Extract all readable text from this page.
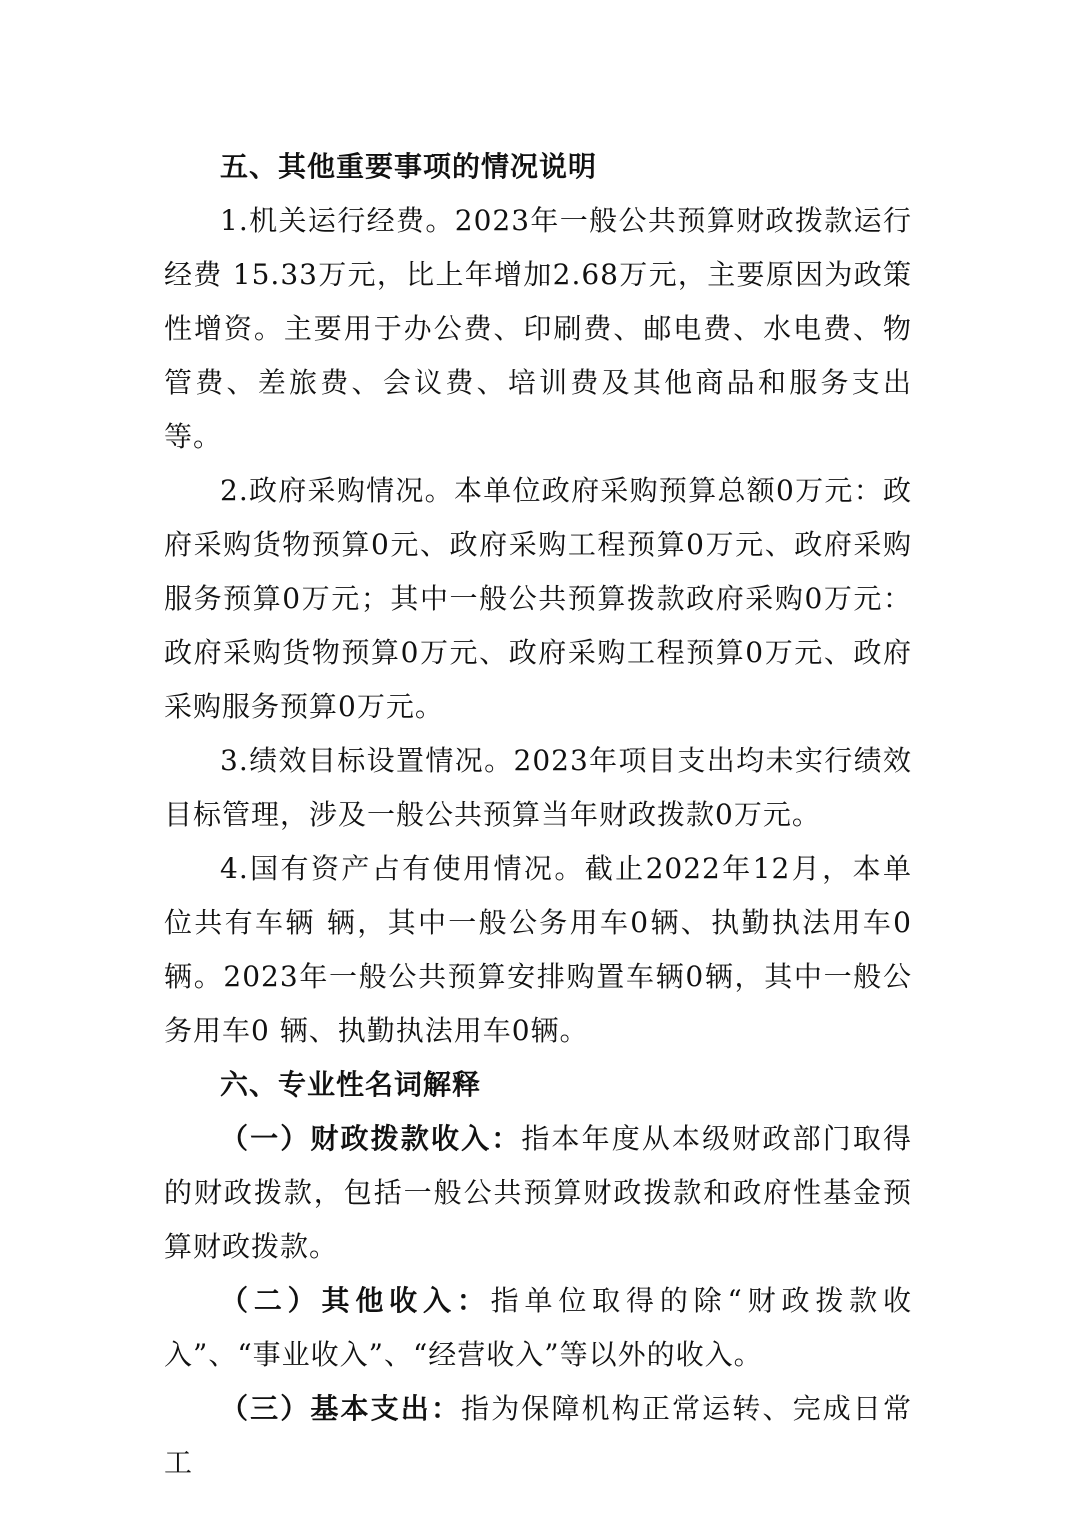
五、其他重要事项的情况说明

1.机关运行经费。2023年一般公共预算财政拨款运行经费 15.33万元，比上年增加2.68万元，主要原因为政策性增资。主要用于办公费、印刷费、邮电费、水电费、物管费、差旅费、会议费、培训费及其他商品和服务支出等。

2.政府采购情况。本单位政府采购预算总额0万元：政府采购货物预算0元、政府采购工程预算0万元、政府采购服务预算0万元；其中一般公共预算拨款政府采购0万元：政府采购货物预算0万元、政府采购工程预算0万元、政府采购服务预算0万元。

3.绩效目标设置情况。2023年项目支出均未实行绩效目标管理，涉及一般公共预算当年财政拨款0万元。

4.国有资产占有使用情况。截止2022年12月，本单位共有车辆 辆，其中一般公务用车0辆、执勤执法用车0辆。2023年一般公共预算安排购置车辆0辆，其中一般公务用车0 辆、执勤执法用车0辆。

六、专业性名词解释

（一）财政拨款收入：指本年度从本级财政部门取得的财政拨款，包括一般公共预算财政拨款和政府性基金预算财政拨款。

（二）其他收入：指单位取得的除“财政拨款收入”、“事业收入”、“经营收入”等以外的收入。

（三）基本支出：指为保障机构正常运转、完成日常工
